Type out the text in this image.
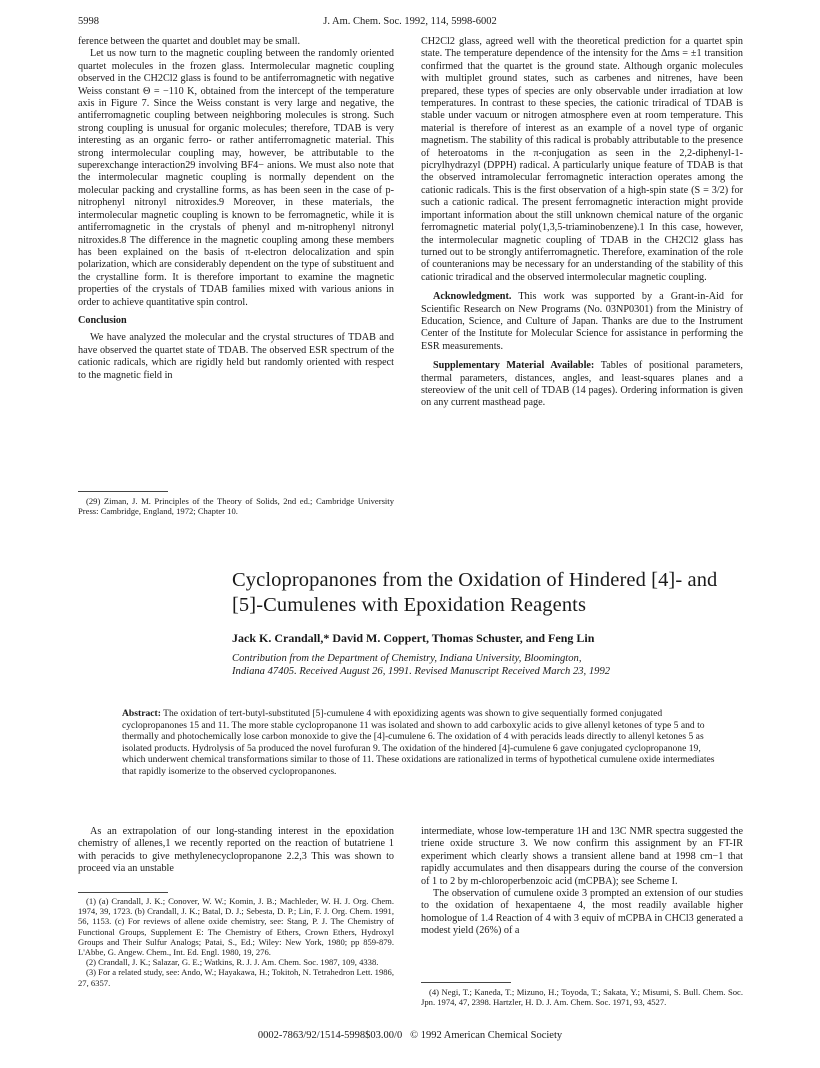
5998	J. Am. Chem. Soc. 1992, 114, 5998-6002

ference between the quartet and doublet may be small.

Let us now turn to the magnetic coupling between the randomly oriented quartet molecules in the frozen glass. Intermolecular magnetic coupling observed in the CH2Cl2 glass is found to be antiferromagnetic with negative Weiss constant Θ = −110 K, obtained from the intercept of the temperature axis in Figure 7. Since the Weiss constant is very large and negative, the antiferromagnetic coupling between neighboring molecules is strong. Such strong coupling is unusual for organic molecules; therefore, TDAB is very interesting as an organic ferro- or rather antiferromagnetic material. This strong intermolecular coupling may, however, be attributable to the superexchange interaction29 involving BF4− anions. We must also note that the intermolecular magnetic coupling is normally dependent on the molecular packing and crystalline forms, as has been seen in the case of p-nitrophenyl nitronyl nitroxides.9 Moreover, in these materials, the intermolecular magnetic coupling is known to be ferromagnetic, while it is antiferromagnetic in the crystals of phenyl and m-nitrophenyl nitronyl nitroxides.8 The difference in the magnetic coupling among these members has been explained on the basis of π-electron delocalization and spin polarization, which are considerably dependent on the type of substituent and the crystalline form. It is therefore important to examine the magnetic properties of the crystals of TDAB families mixed with various anions in order to achieve quantitative spin control.

Conclusion

We have analyzed the molecular and the crystal structures of TDAB and have observed the quartet state of TDAB. The observed ESR spectrum of the cationic radicals, which are rigidly held but randomly oriented with respect to the magnetic field in

(29) Ziman, J. M. Principles of the Theory of Solids, 2nd ed.; Cambridge University Press: Cambridge, England, 1972; Chapter 10.

CH2Cl2 glass, agreed well with the theoretical prediction for a quartet spin state. The temperature dependence of the intensity for the Δms = ±1 transition confirmed that the quartet is the ground state. Although organic molecules with multiplet ground states, such as carbenes and nitrenes, have been prepared, these types of species are only observable under irradiation at low temperatures. In contrast to these species, the cationic triradical of TDAB is stable under vacuum or nitrogen atmosphere even at room temperature. This material is therefore of interest as an example of a novel type of organic magnetism. The stability of this radical is probably attributable to the presence of heteroatoms in the π-conjugation as seen in the 2,2-diphenyl-1-picrylhydrazyl (DPPH) radical. A particularly unique feature of TDAB is that the observed intramolecular ferromagnetic interaction operates among the cationic radicals. This is the first observation of a high-spin state (S = 3/2) for such a cationic radical. The present ferromagnetic interaction might provide important information about the still unknown chemical nature of the organic ferromagnetic material poly(1,3,5-triaminobenzene).1 In this case, however, the intermolecular magnetic coupling of TDAB in the CH2Cl2 glass has turned out to be strongly antiferromagnetic. Therefore, examination of the role of counteranions may be necessary for an understanding of the stability of this cationic triradical and the observed intermolecular magnetic coupling.

Acknowledgment. This work was supported by a Grant-in-Aid for Scientific Research on New Programs (No. 03NP0301) from the Ministry of Education, Science, and Culture of Japan. Thanks are due to the Instrument Center of the Institute for Molecular Science for assistance in performing the ESR measurements.

Supplementary Material Available: Tables of positional parameters, thermal parameters, distances, angles, and least-squares planes and a stereoview of the unit cell of TDAB (14 pages). Ordering information is given on any current masthead page.

Cyclopropanones from the Oxidation of Hindered [4]- and
[5]-Cumulenes with Epoxidation Reagents
Jack K. Crandall,* David M. Coppert, Thomas Schuster, and Feng Lin
Contribution from the Department of Chemistry, Indiana University, Bloomington,
Indiana 47405. Received August 26, 1991. Revised Manuscript Received March 23, 1992
Abstract: The oxidation of tert-butyl-substituted [5]-cumulene 4 with epoxidizing agents was shown to give sequentially formed conjugated cyclopropanones 15 and 11. The more stable cyclopropanone 11 was isolated and shown to add carboxylic acids to give allenyl ketones of type 5 and to thermally and photochemically lose carbon monoxide to give the [4]-cumulene 6. The oxidation of 4 with peracids leads directly to allenyl ketones 5 as isolated products. Hydrolysis of 5a produced the novel furofuran 9. The oxidation of the hindered [4]-cumulene 6 gave conjugated cyclopropanone 19, which underwent chemical transformations similar to those of 11. These oxidations are rationalized in terms of hypothetical cumulene oxide intermediates that rapidly isomerize to the observed cyclopropanones.

As an extrapolation of our long-standing interest in the epoxidation chemistry of allenes,1 we recently reported on the reaction of butatriene 1 with peracids to give methylenecyclopropanone 2.2,3 This was shown to proceed via an unstable

(1) (a) Crandall, J. K.; Conover, W. W.; Komin, J. B.; Machleder, W. H. J. Org. Chem. 1974, 39, 1723. (b) Crandall, J. K.; Batal, D. J.; Sebesta, D. P.; Lin, F. J. Org. Chem. 1991, 56, 1153. (c) For reviews of allene oxide chemistry, see: Stang, P. J. The Chemistry of Functional Groups, Supplement E: The Chemistry of Ethers, Crown Ethers, Hydroxyl Groups and Their Sulfur Analogs; Patai, S., Ed.; Wiley: New York, 1980; pp 859-879. L'Abbe, G. Angew. Chem., Int. Ed. Engl. 1980, 19, 276.
(2) Crandall, J. K.; Salazar, G. E.; Watkins, R. J. J. Am. Chem. Soc. 1987, 109, 4338.
(3) For a related study, see: Ando, W.; Hayakawa, H.; Tokitoh, N. Tetrahedron Lett. 1986, 27, 6357.

intermediate, whose low-temperature 1H and 13C NMR spectra suggested the triene oxide structure 3. We now confirm this assignment by an FT-IR experiment which clearly shows a transient allene band at 1998 cm−1 that rapidly accumulates and then disappears during the course of the conversion of 1 to 2 by m-chloroperbenzoic acid (mCPBA); see Scheme I.

The observation of cumulene oxide 3 prompted an extension of our studies to the oxidation of hexapentaene 4, the most readily available higher homologue of 1.4 Reaction of 4 with 3 equiv of mCPBA in CHCl3 generated a modest yield (26%) of a

(4) Negi, T.; Kaneda, T.; Mizuno, H.; Toyoda, T.; Sakata, Y.; Misumi, S. Bull. Chem. Soc. Jpn. 1974, 47, 2398. Hartzler, H. D. J. Am. Chem. Soc. 1971, 93, 4527.
0002-7863/92/1514-5998$03.00/0 © 1992 American Chemical Society
